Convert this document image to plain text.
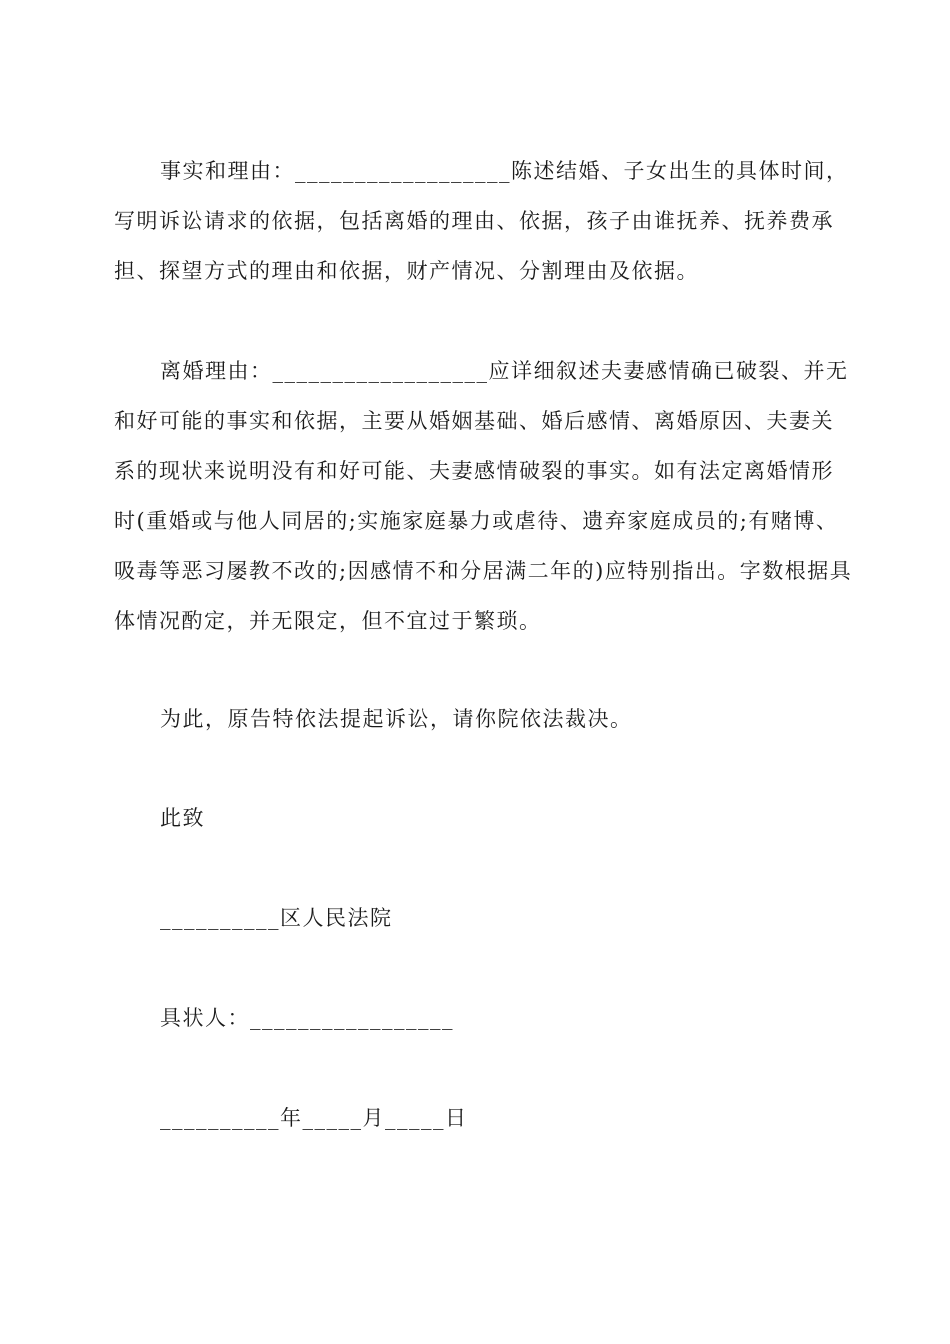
事实和理由：__________________陈述结婚、子女出生的具体时间，写明诉讼请求的依据，包括离婚的理由、依据，孩子由谁抚养、抚养费承担、探望方式的理由和依据，财产情况、分割理由及依据。

离婚理由：__________________应详细叙述夫妻感情确已破裂、并无和好可能的事实和依据，主要从婚姻基础、婚后感情、离婚原因、夫妻关系的现状来说明没有和好可能、夫妻感情破裂的事实。如有法定离婚情形时(重婚或与他人同居的;实施家庭暴力或虐待、遗弃家庭成员的;有赌博、吸毒等恶习屡教不改的;因感情不和分居满二年的)应特别指出。字数根据具体情况酌定，并无限定，但不宜过于繁琐。

为此，原告特依法提起诉讼，请你院依法裁决。

此致

__________区人民法院

具状人：_________________

__________年_____月_____日
